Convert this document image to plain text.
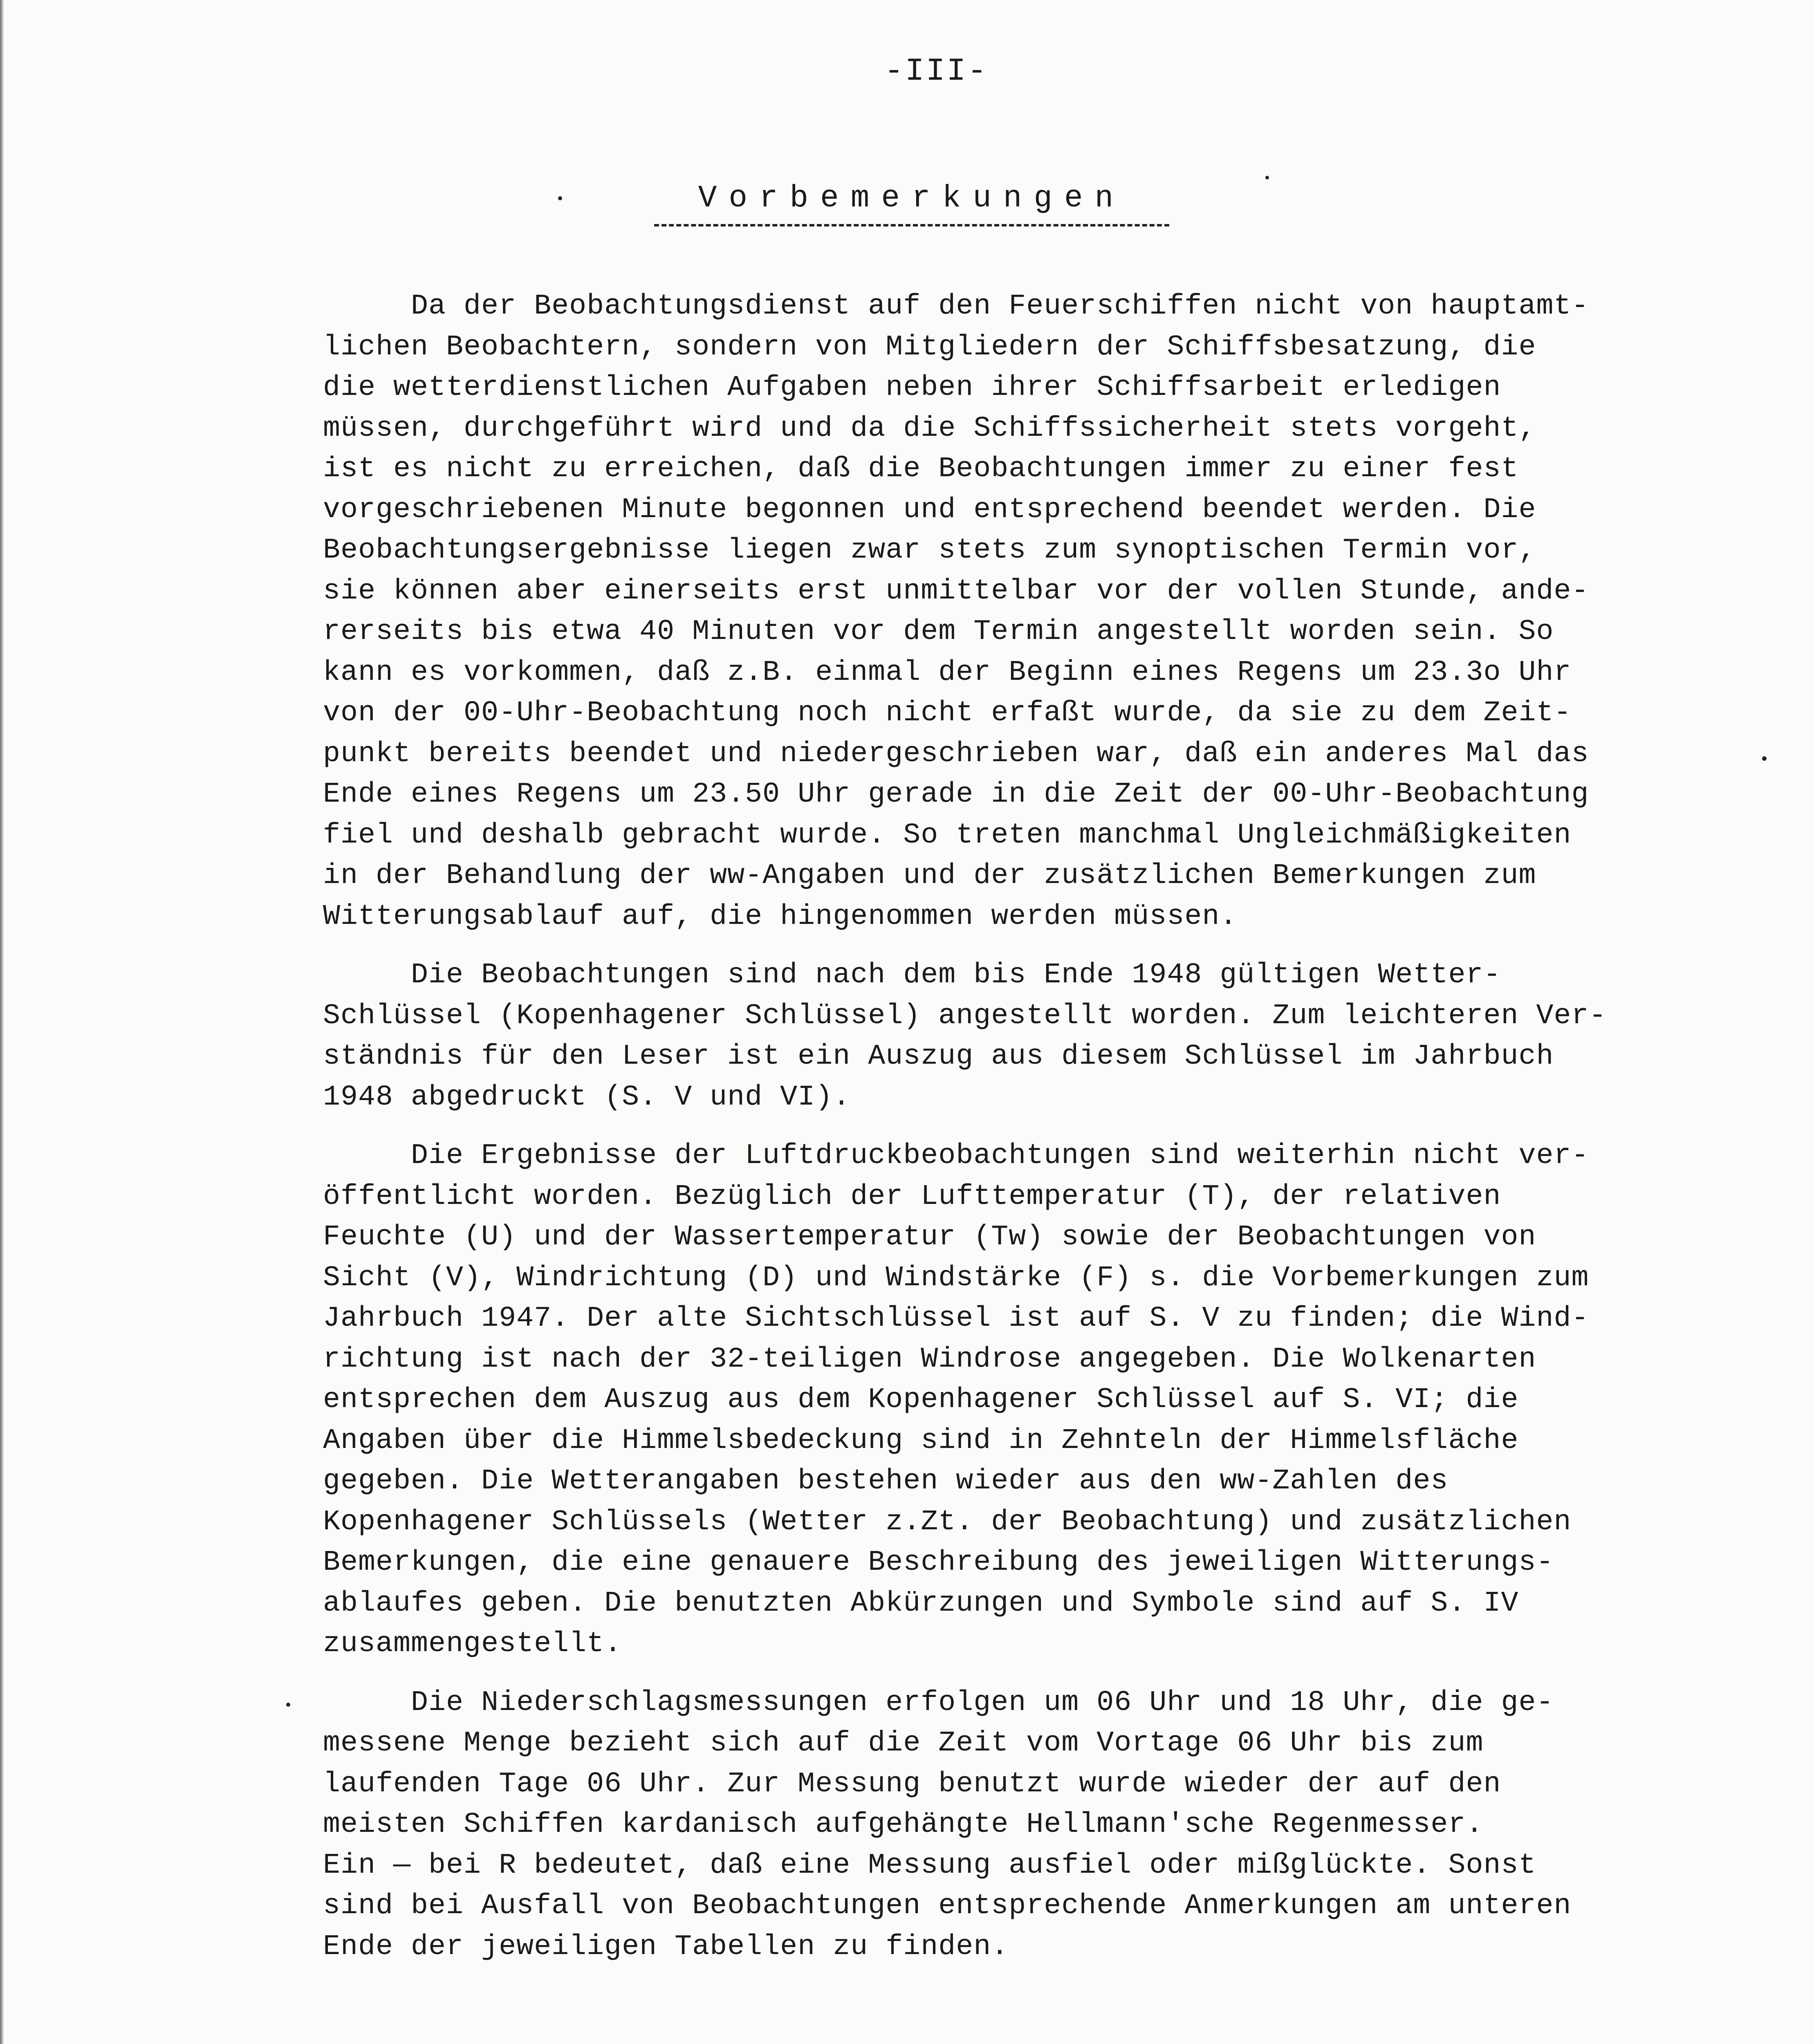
-III-
Vorbemerkungen
Da der Beobachtungsdienst auf den Feuerschiffen nicht von hauptamt-
lichen Beobachtern, sondern von Mitgliedern der Schiffsbesatzung, die
die wetterdienstlichen Aufgaben neben ihrer Schiffsarbeit erledigen
müssen, durchgeführt wird und da die Schiffssicherheit stets vorgeht,
ist es nicht zu erreichen, daß die Beobachtungen immer zu einer fest
vorgeschriebenen Minute begonnen und entsprechend beendet werden. Die
Beobachtungsergebnisse liegen zwar stets zum synoptischen Termin vor,
sie können aber einerseits erst unmittelbar vor der vollen Stunde, ande-
rerseits bis etwa 40 Minuten vor dem Termin angestellt worden sein. So
kann es vorkommen, daß z.B. einmal der Beginn eines Regens um 23.3o Uhr
von der 00-Uhr-Beobachtung noch nicht erfaßt wurde, da sie zu dem Zeit-
punkt bereits beendet und niedergeschrieben war, daß ein anderes Mal das
Ende eines Regens um 23.50 Uhr gerade in die Zeit der 00-Uhr-Beobachtung
fiel und deshalb gebracht wurde. So treten manchmal Ungleichmäßigkeiten
in der Behandlung der ww-Angaben und der zusätzlichen Bemerkungen zum
Witterungsablauf auf, die hingenommen werden müssen.
Die Beobachtungen sind nach dem bis Ende 1948 gültigen Wetter-
Schlüssel (Kopenhagener Schlüssel) angestellt worden. Zum leichteren Ver-
ständnis für den Leser ist ein Auszug aus diesem Schlüssel im Jahrbuch
1948 abgedruckt (S. V und VI).
Die Ergebnisse der Luftdruckbeobachtungen sind weiterhin nicht ver-
öffentlicht worden. Bezüglich der Lufttemperatur (T), der relativen
Feuchte (U) und der Wassertemperatur (Tw) sowie der Beobachtungen von
Sicht (V), Windrichtung (D) und Windstärke (F) s. die Vorbemerkungen zum
Jahrbuch 1947. Der alte Sichtschlüssel ist auf S. V zu finden; die Wind-
richtung ist nach der 32-teiligen Windrose angegeben. Die Wolkenarten
entsprechen dem Auszug aus dem Kopenhagener Schlüssel auf S. VI; die
Angaben über die Himmelsbedeckung sind in Zehnteln der Himmelsfläche
gegeben. Die Wetterangaben bestehen wieder aus den ww-Zahlen des
Kopenhagener Schlüssels (Wetter z.Zt. der Beobachtung) und zusätzlichen
Bemerkungen, die eine genauere Beschreibung des jeweiligen Witterungs-
ablaufes geben. Die benutzten Abkürzungen und Symbole sind auf S. IV
zusammengestellt.
Die Niederschlagsmessungen erfolgen um 06 Uhr und 18 Uhr, die ge-
messene Menge bezieht sich auf die Zeit vom Vortage 06 Uhr bis zum
laufenden Tage 06 Uhr. Zur Messung benutzt wurde wieder der auf den
meisten Schiffen kardanisch aufgehängte Hellmann'sche Regenmesser.
Ein — bei R bedeutet, daß eine Messung ausfiel oder mißglückte. Sonst
sind bei Ausfall von Beobachtungen entsprechende Anmerkungen am unteren
Ende der jeweiligen Tabellen zu finden.
